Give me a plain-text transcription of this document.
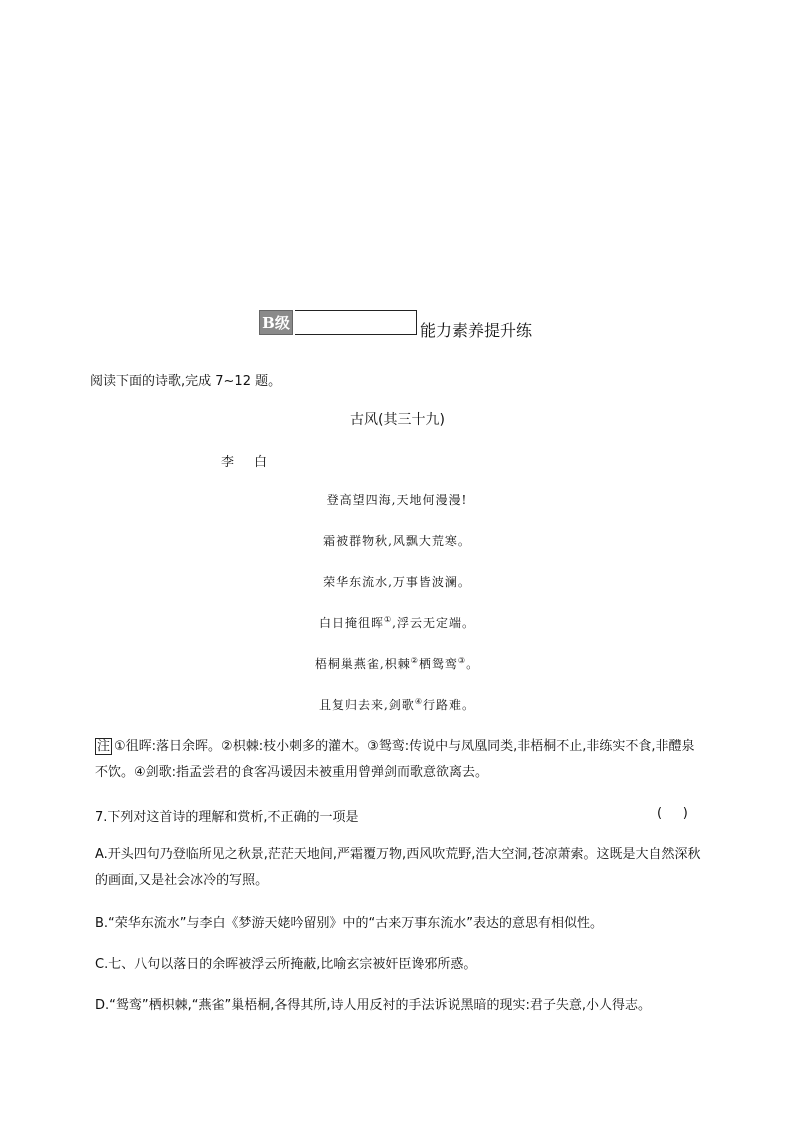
B级	能力素养提升练
阅读下面的诗歌,完成 7~12 题。
古风(其三十九)
李白
登高望四海,天地何漫漫!
霜被群物秋,风飘大荒寒。
荣华东流水,万事皆波澜。
白日掩徂晖①,浮云无定端。
梧桐巢燕雀,枳棘②栖鸳鸾③。
且复归去来,剑歌④行路难。
注 ①徂晖:落日余晖。②枳棘:枝小刺多的灌木。③鸳鸾:传说中与凤凰同类,非梧桐不止,非练实不食,非醴泉不饮。④剑歌:指孟尝君的食客冯谖因未被重用曾弹剑而歌意欲离去。
7.下列对这首诗的理解和赏析,不正确的一项是	(     )
A.开头四句乃登临所见之秋景,茫茫天地间,严霜覆万物,西风吹荒野,浩大空洞,苍凉萧索。这既是大自然深秋的画面,又是社会冰冷的写照。
B.“荣华东流水”与李白《梦游天姥吟留别》中的“古来万事东流水”表达的意思有相似性。
C.七、八句以落日的余晖被浮云所掩蔽,比喻玄宗被奸臣谗邪所惑。
D.“鸳鸾”栖枳棘,“燕雀”巢梧桐,各得其所,诗人用反衬的手法诉说黑暗的现实:君子失意,小人得志。
